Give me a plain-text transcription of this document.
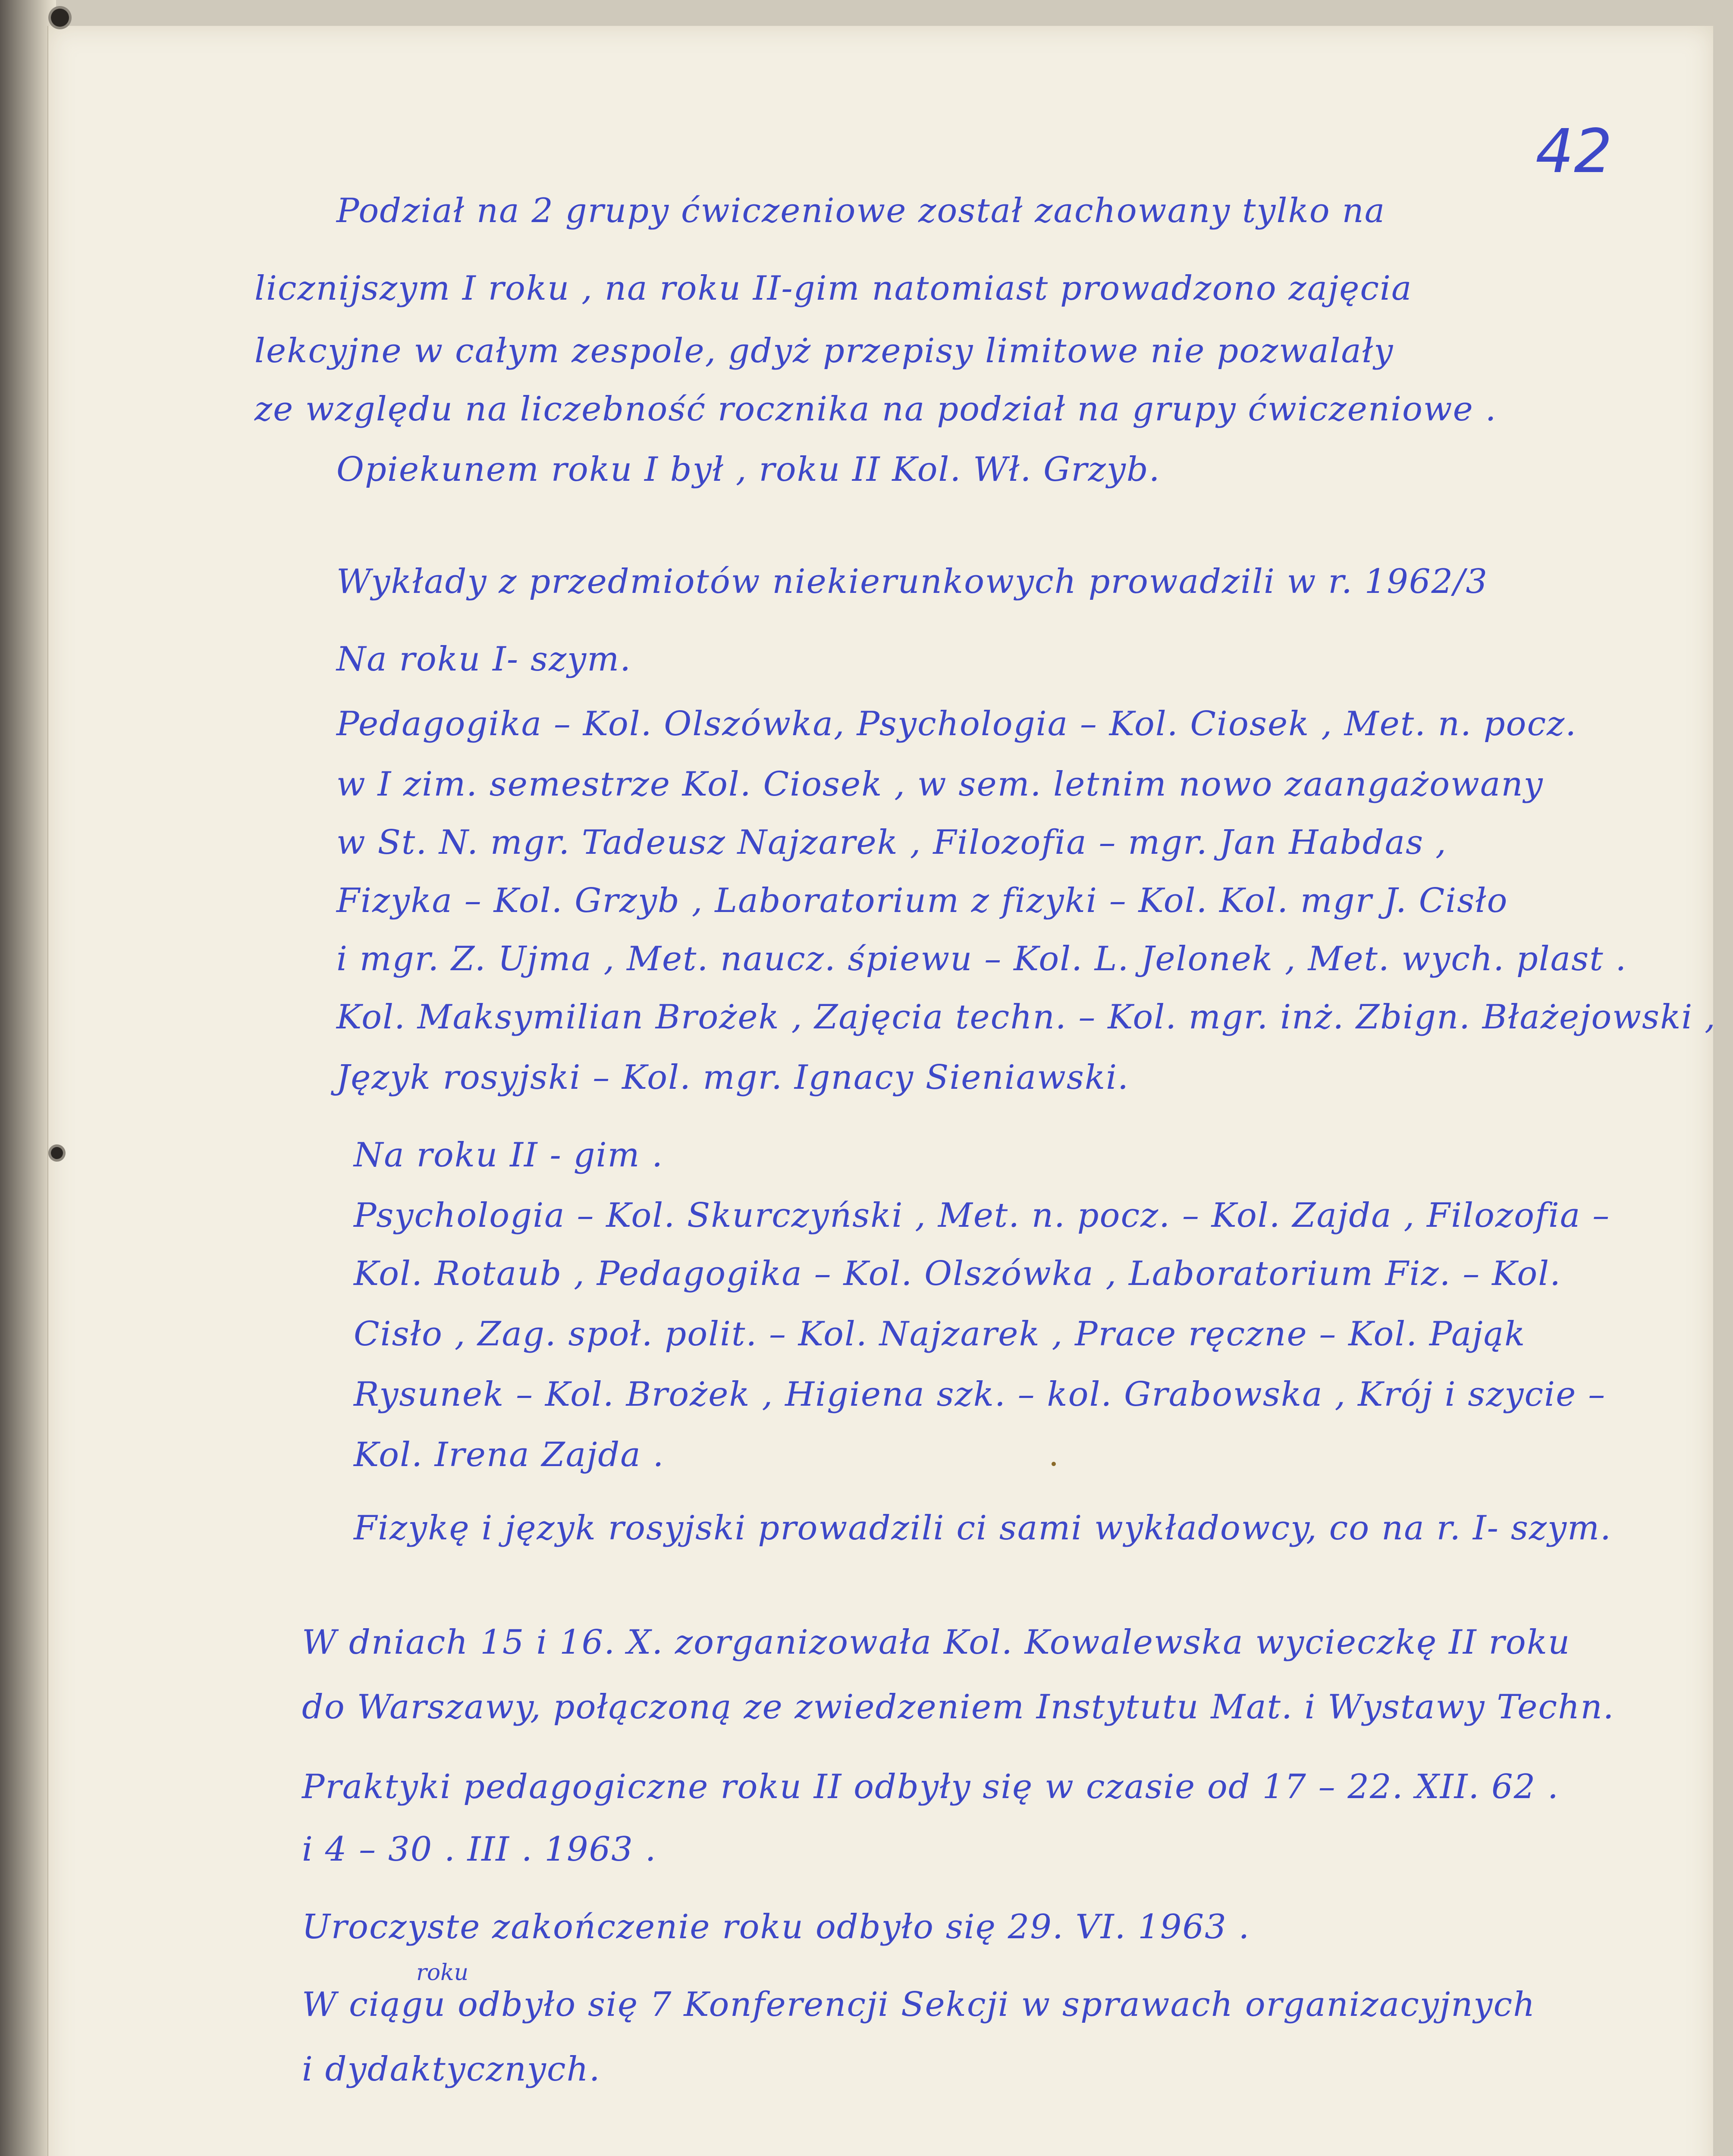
42
Podział na 2 grupy ćwiczeniowe został zachowany tylko na
licznijszym I roku , na roku II-gim natomiast prowadzono zajęcia
lekcyjne w całym zespole, gdyż przepisy limitowe nie pozwalały
ze względu na liczebność rocznika na podział na grupy ćwiczeniowe .
Opiekunem roku I był , roku II Kol. Wł. Grzyb.
Wykłady z przedmiotów niekierunkowych prowadzili w r. 1962/3
Na roku I- szym.
Pedagogika – Kol. Olszówka, Psychologia – Kol. Ciosek , Met. n. pocz.
w I zim. semestrze Kol. Ciosek , w sem. letnim nowo zaangażowany
w St. N. mgr. Tadeusz Najzarek , Filozofia – mgr. Jan Habdas ,
Fizyka – Kol. Grzyb , Laboratorium z fizyki – Kol. Kol. mgr J. Cisło
i mgr. Z. Ujma , Met. naucz. śpiewu – Kol. L. Jelonek , Met. wych. plast .
Kol. Maksymilian Brożek , Zajęcia techn. – Kol. mgr. inż. Zbign. Błażejowski ,
Język rosyjski – Kol. mgr. Ignacy Sieniawski.
Na roku II - gim .
Psychologia – Kol. Skurczyński , Met. n. pocz. – Kol. Zajda , Filozofia –
Kol. Rotaub , Pedagogika – Kol. Olszówka , Laboratorium Fiz. – Kol.
Cisło , Zag. społ. polit. – Kol. Najzarek , Prace ręczne – Kol. Pająk
Rysunek – Kol. Brożek , Higiena szk. – kol. Grabowska , Krój i szycie –
Kol. Irena Zajda .
Fizykę i język rosyjski prowadzili ci sami wykładowcy, co na r. I- szym.
W dniach 15 i 16. X. zorganizowała Kol. Kowalewska wycieczkę II roku
do Warszawy, połączoną ze zwiedzeniem Instytutu Mat. i Wystawy Techn.
Praktyki pedagogiczne roku II odbyły się w czasie od 17 – 22. XII. 62 .
i 4 – 30 . III . 1963 .
Uroczyste zakończenie roku odbyło się 29. VI. 1963 .
roku
W ciągu odbyło się 7 Konferencji Sekcji w sprawach organizacyjnych
i dydaktycznych.
